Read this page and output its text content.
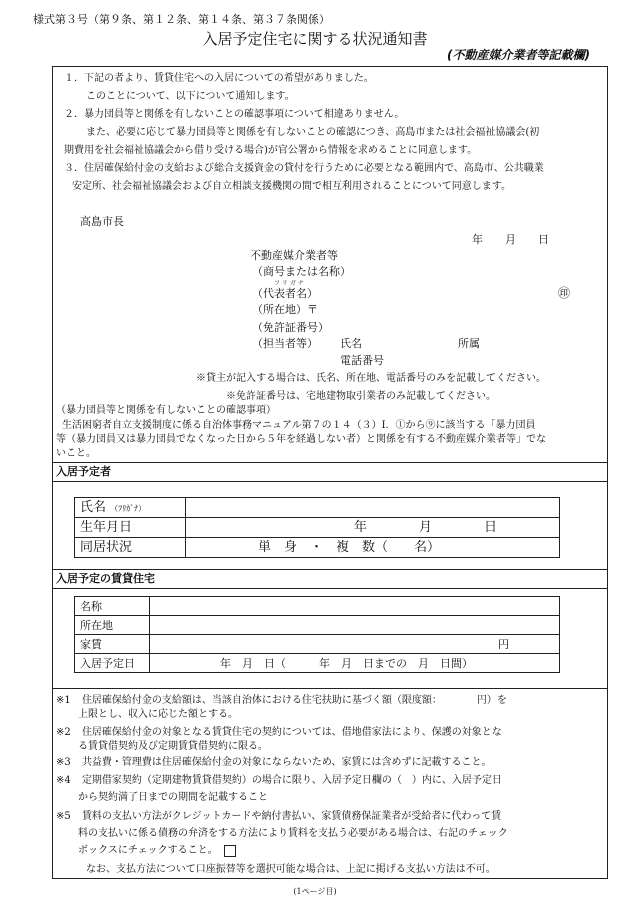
様式第３号（第９条、第１２条、第１４条、第３７条関係）
入居予定住宅に関する状況通知書
(不動産媒介業者等記載欄)
１．下記の者より、賃貸住宅への入居についての希望がありました。
このことについて、以下について通知します。
２．暴力団員等と関係を有しないことの確認事項について相違ありません。
また、必要に応じて暴力団員等と関係を有しないことの確認につき、高島市または社会福祉協議会(初
期費用を社会福祉協議会から借り受ける場合)が官公署から情報を求めることに同意します。
３．住居確保給付金の支給および総合支援資金の貸付を行うために必要となる範囲内で、高島市、公共職業
安定所、社会福祉協議会および自立相談支援機関の間で相互利用されることについて同意します。
高島市長
年　　月　　日
不動産媒介業者等
（商号または名称）
フ リ ガ ナ
（代表者名）	㊞
（所在地）〒
（免許証番号）
（担当者等） 氏名	所属
電話番号
※貸主が記入する場合は、氏名、所在地、電話番号のみを記載してください。
※免許証番号は、宅地建物取引業者のみ記載してください。
（暴力団員等と関係を有しないことの確認事項）
生活困窮者自立支援制度に係る自治体事務マニュアル第７の１４（３）Ⅰ．①から⑨に該当する「暴力団員
等（暴力団員又は暴力団員でなくなった日から５年を経過しない者）と関係を有する不動産媒介業者等」でな
いこと。
入居予定者
氏名 （ﾌﾘｶﾞﾅ）	
生年月日	年　　　　月　　　　日
同居状況	単　身　・　複　数（　　名）
入居予定の賃貸住宅
名称	
所在地	
家賃	円
入居予定日	年　月　日（　　　年　月　日までの　月　日間）
※1 住居確保給付金の支給額は、当該自治体における住宅扶助に基づく額（限度額：　　　　円）を
上限とし、収入に応じた額とする。
※2 住居確保給付金の対象となる賃貸住宅の契約については、借地借家法により、保護の対象とな
る賃貸借契約及び定期賃貸借契約に限る。
※3 共益費・管理費は住居確保給付金の対象にならないため、家賃には含めずに記載すること。
※4 定期借家契約（定期建物賃貸借契約）の場合に限り、入居予定日欄の（　）内に、入居予定日
から契約満了日までの期間を記載すること
※5 賃料の支払い方法がクレジットカードや納付書払い、家賃債務保証業者が受給者に代わって賃
料の支払いに係る債務の弁済をする方法により賃料を支払う必要がある場合は、右記のチェック
ボックスにチェックすること。
なお、支払方法について口座振替等を選択可能な場合は、上記に掲げる支払い方法は不可。
(1ページ目)
